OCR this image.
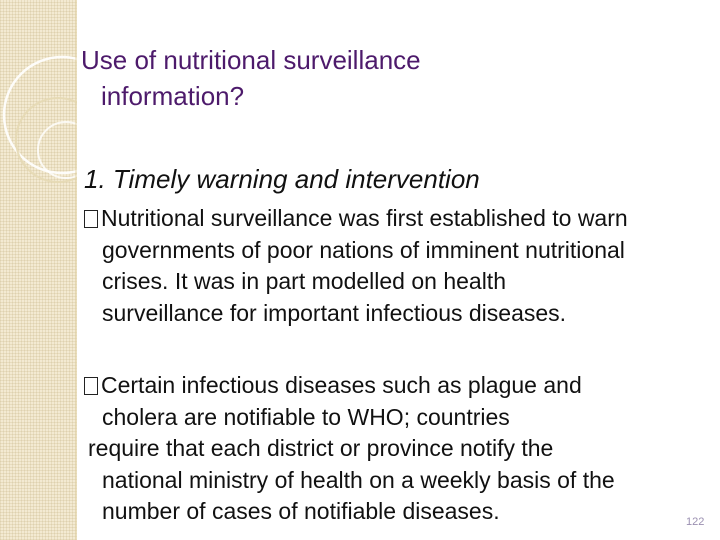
Use of nutritional surveillance
information?
1. Timely warning and intervention
Nutritional surveillance was first established to warn
governments of poor nations of imminent nutritional
crises. It was in part modelled on health
surveillance for important infectious diseases.
Certain infectious diseases such as plague and
cholera are notifiable to WHO; countries
require that each district or province notify the
national ministry of health on a weekly basis of the
number of cases of notifiable diseases.	122
